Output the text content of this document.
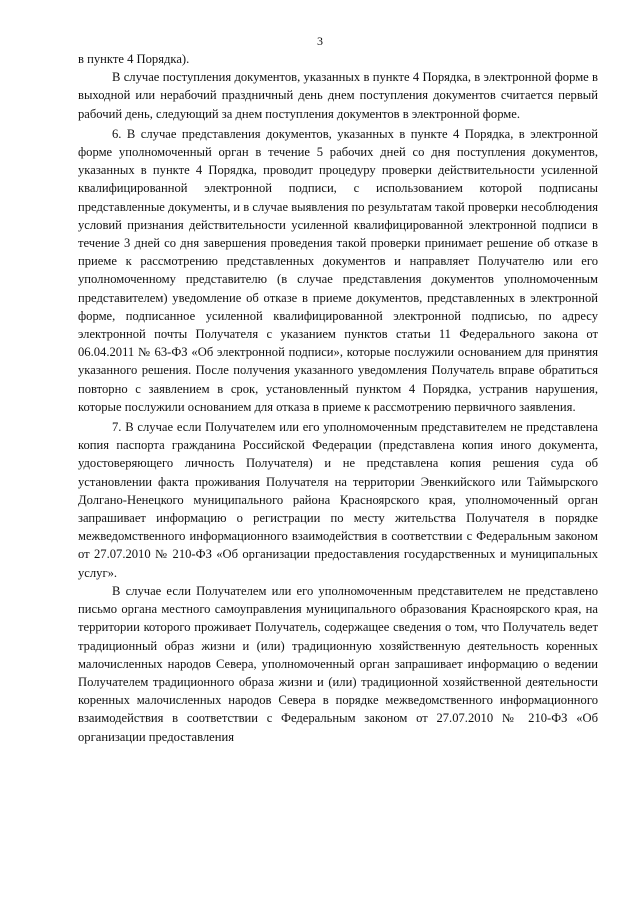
3

в пункте 4 Порядка).

В случае поступления документов, указанных в пункте 4 Порядка, в электронной форме в выходной или нерабочий праздничный день днем поступления документов считается первый рабочий день, следующий за днем поступления документов в электронной форме.

6. В случае представления документов, указанных в пункте 4 Порядка, в электронной форме уполномоченный орган в течение 5 рабочих дней со дня поступления документов, указанных в пункте 4 Порядка, проводит процедуру проверки действительности усиленной квалифицированной электронной подписи, с использованием которой подписаны представленные документы, и в случае выявления по результатам такой проверки несоблюдения условий признания действительности усиленной квалифицированной электронной подписи в течение 3 дней со дня завершения проведения такой проверки принимает решение об отказе в приеме к рассмотрению представленных документов и направляет Получателю или его уполномоченному представителю (в случае представления документов уполномоченным представителем) уведомление об отказе в приеме документов, представленных в электронной форме, подписанное усиленной квалифицированной электронной подписью, по адресу электронной почты Получателя с указанием пунктов статьи 11 Федерального закона от 06.04.2011 № 63-ФЗ «Об электронной подписи», которые послужили основанием для принятия указанного решения. После получения указанного уведомления Получатель вправе обратиться повторно с заявлением в срок, установленный пунктом 4 Порядка, устранив нарушения, которые послужили основанием для отказа в приеме к рассмотрению первичного заявления.

7. В случае если Получателем или его уполномоченным представителем не представлена копия паспорта гражданина Российской Федерации (представлена копия иного документа, удостоверяющего личность Получателя) и не представлена копия решения суда об установлении факта проживания Получателя на территории Эвенкийского или Таймырского Долгано-Ненецкого муниципального района Красноярского края, уполномоченный орган запрашивает информацию о регистрации по месту жительства Получателя в порядке межведомственного информационного взаимодействия в соответствии с Федеральным законом от 27.07.2010 № 210-ФЗ «Об организации предоставления государственных и муниципальных услуг».

В случае если Получателем или его уполномоченным представителем не представлено письмо органа местного самоуправления муниципального образования Красноярского края, на территории которого проживает Получатель, содержащее сведения о том, что Получатель ведет традиционный образ жизни и (или) традиционную хозяйственную деятельность коренных малочисленных народов Севера, уполномоченный орган запрашивает информацию о ведении Получателем традиционного образа жизни и (или) традиционной хозяйственной деятельности коренных малочисленных народов Севера в порядке межведомственного информационного взаимодействия в соответствии с Федеральным законом от 27.07.2010 № 210-ФЗ «Об организации предоставления
